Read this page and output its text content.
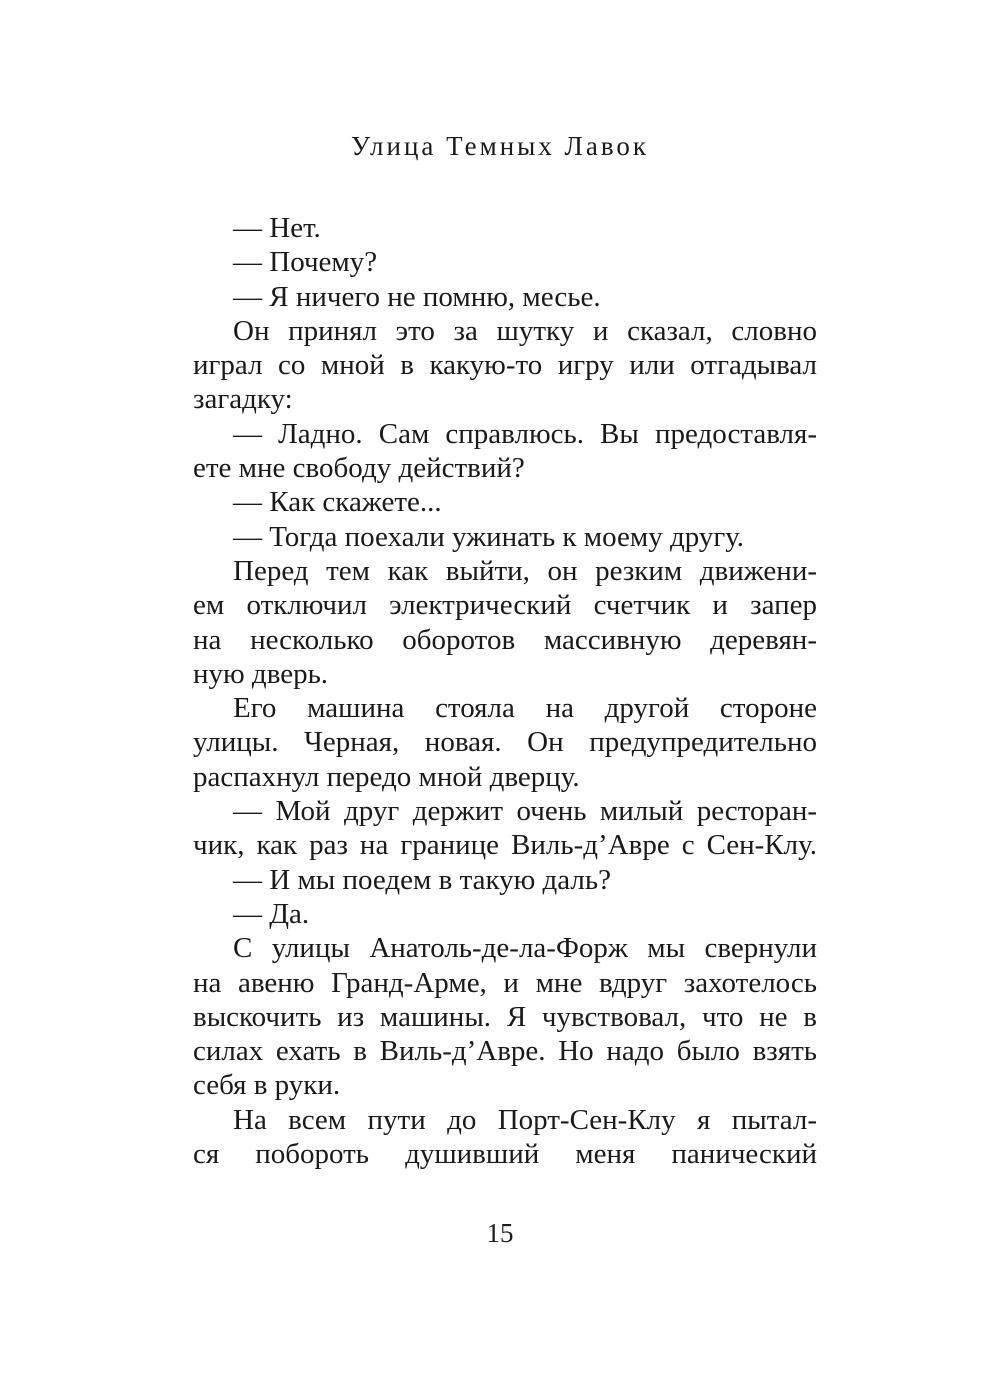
Улица Темных Лавок
— Нет.
— Почему?
— Я ничего не помню, месье.
Он принял это за шутку и сказал, словно
играл со мной в какую-то игру или отгадывал
загадку:
— Ладно. Сам справлюсь. Вы предоставля-
ете мне свободу действий?
— Как скажете...
— Тогда поехали ужинать к моему другу.
Перед тем как выйти, он резким движени-
ем отключил электрический счетчик и запер
на несколько оборотов массивную деревян-
ную дверь.
Его машина стояла на другой стороне
улицы. Черная, новая. Он предупредительно
распахнул передо мной дверцу.
— Мой друг держит очень милый ресторан-
чик, как раз на границе Виль-д’Авре с Сен-Клу.
— И мы поедем в такую даль?
— Да.
С улицы Анатоль-де-ла-Форж мы свернули
на авеню Гранд-Арме, и мне вдруг захотелось
выскочить из машины. Я чувствовал, что не в
силах ехать в Виль-д’Авре. Но надо было взять
себя в руки.
На всем пути до Порт-Сен-Клу я пытал-
ся побороть душивший меня панический
15
